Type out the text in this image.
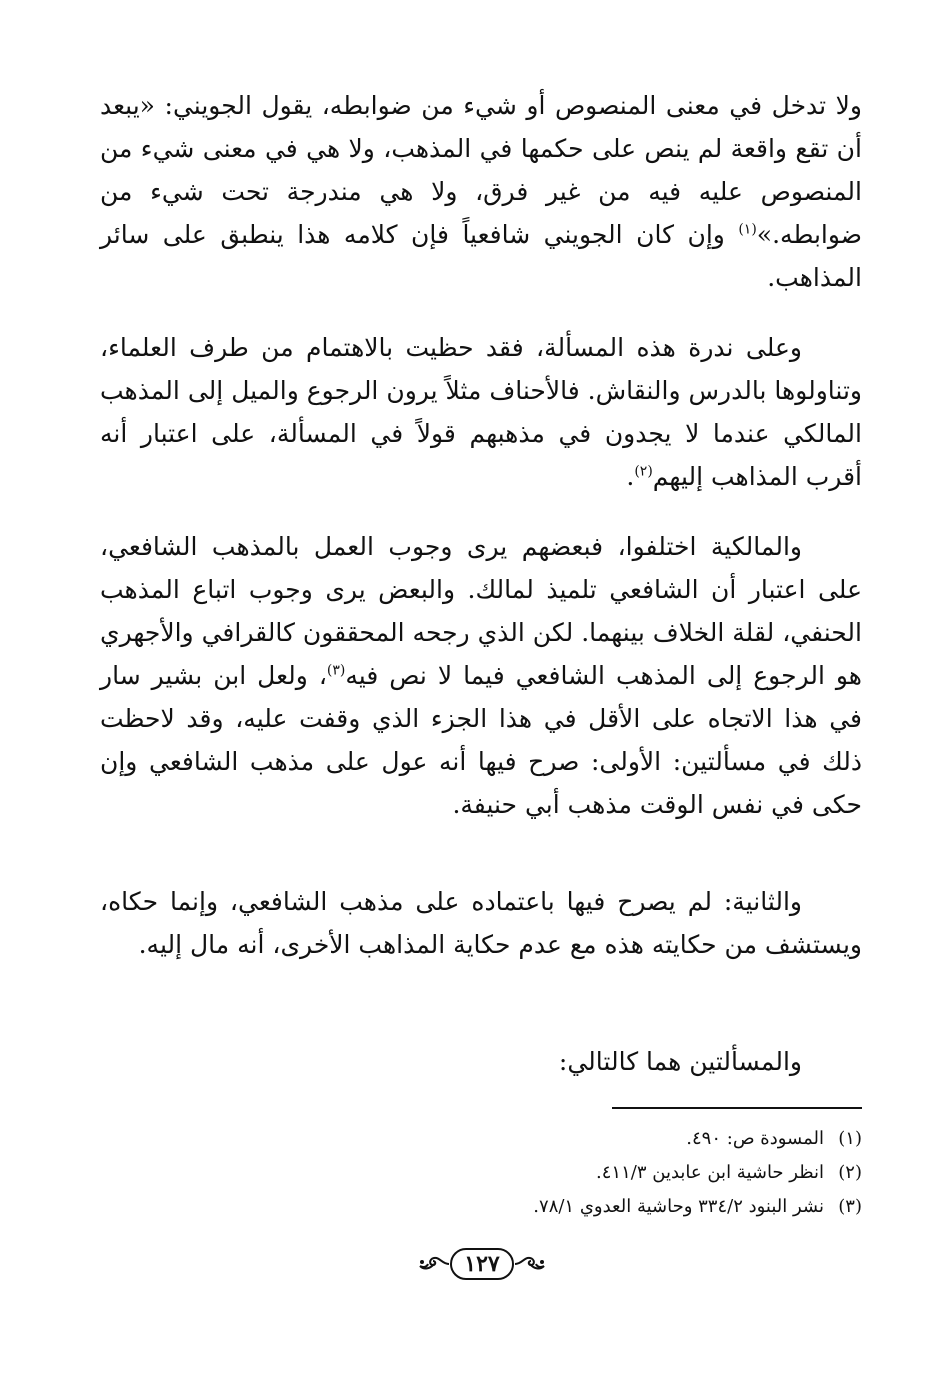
ولا تدخل في معنى المنصوص أو شيء من ضوابطه، يقول الجويني: «يبعد أن تقع واقعة لم ينص على حكمها في المذهب، ولا هي في معنى شيء من المنصوص عليه فيه من غير فرق، ولا هي مندرجة تحت شيء من ضوابطه.»$^{(١)}$ وإن كان الجويني شافعياً فإن كلامه هذا ينطبق على سائر المذاهب.

وعلى ندرة هذه المسألة، فقد حظيت بالاهتمام من طرف العلماء، وتناولوها بالدرس والنقاش. فالأحناف مثلاً يرون الرجوع والميل إلى المذهب المالكي عندما لا يجدون في مذهبهم قولاً في المسألة، على اعتبار أنه أقرب المذاهب إليهم$^{(٢)}$.

والمالكية اختلفوا، فبعضهم يرى وجوب العمل بالمذهب الشافعي، على اعتبار أن الشافعي تلميذ لمالك. والبعض يرى وجوب اتباع المذهب الحنفي، لقلة الخلاف بينهما. لكن الذي رجحه المحققون كالقرافي والأجهري هو الرجوع إلى المذهب الشافعي فيما لا نص فيه$^{(٣)}$، ولعل ابن بشير سار في هذا الاتجاه على الأقل في هذا الجزء الذي وقفت عليه، وقد لاحظت ذلك في مسألتين: الأولى: صرح فيها أنه عول على مذهب الشافعي وإن حكى في نفس الوقت مذهب أبي حنيفة.

والثانية: لم يصرح فيها باعتماده على مذهب الشافعي، وإنما حكاه، ويستشف من حكايته هذه مع عدم حكاية المذاهب الأخرى، أنه مال إليه.

والمسألتين هما كالتالي:

(١)
المسودة ص: ٤٩٠.
(٢)
انظر حاشية ابن عابدين ٤١١/٣.
(٣)
نشر البنود ٣٣٤/٢ وحاشية العدوي ٧٨/١.
١٢٧
